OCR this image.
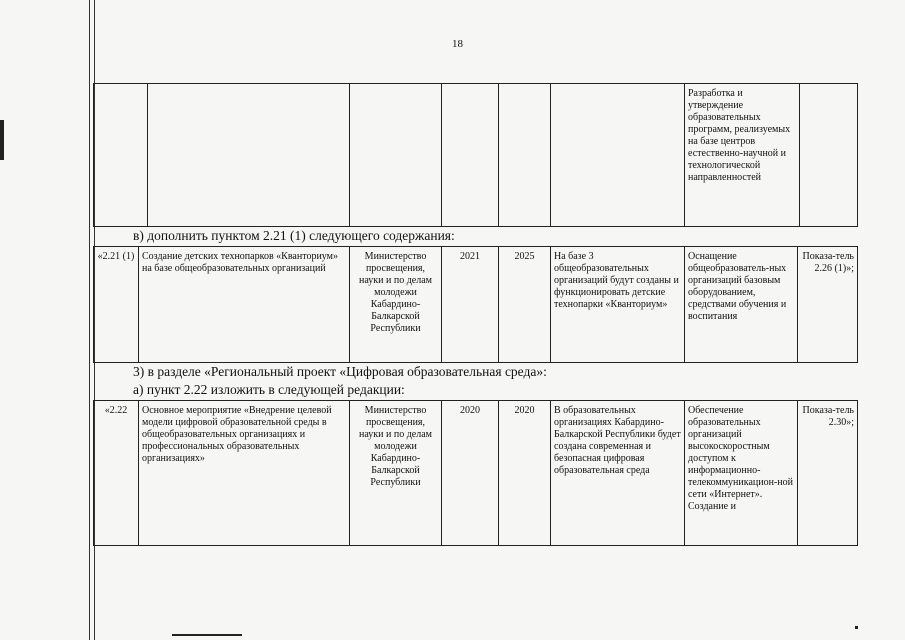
18
						Разработка и утверждение образовательных программ, реализуемых на базе центров естественно-научной и технологической направленностей	
в) дополнить пунктом 2.21 (1) следующего содержания:
«2.21 (1)	Создание детских технопарков «Кванториум» на базе общеобразовательных организаций	Министерство просвещения, науки и по делам молодежи Кабардино-Балкарской Республики	2021	2025	На базе 3 общеобразовательных организаций будут созданы и функционировать детские технопарки «Кванториум»	Оснащение общеобразователь-ных организаций базовым оборудованием, средствами обучения и воспитания	Показа-тель 2.26 (1)»;
3) в разделе «Региональный проект «Цифровая образовательная среда»:
а) пункт 2.22 изложить в следующей редакции:
«2.22	Основное мероприятие «Внедрение целевой модели цифровой образовательной среды в общеобразовательных организациях и профессиональных образовательных организациях»	Министерство просвещения, науки и по делам молодежи Кабардино-Балкарской Республики	2020	2020	В образовательных организациях Кабардино-Балкарской Республики будет создана современная и безопасная цифровая образовательная среда	Обеспечение образовательных организаций высокоскоростным доступом к информационно-телекоммуникацион-ной сети «Интернет». Создание и	Показа-тель 2.30»;
